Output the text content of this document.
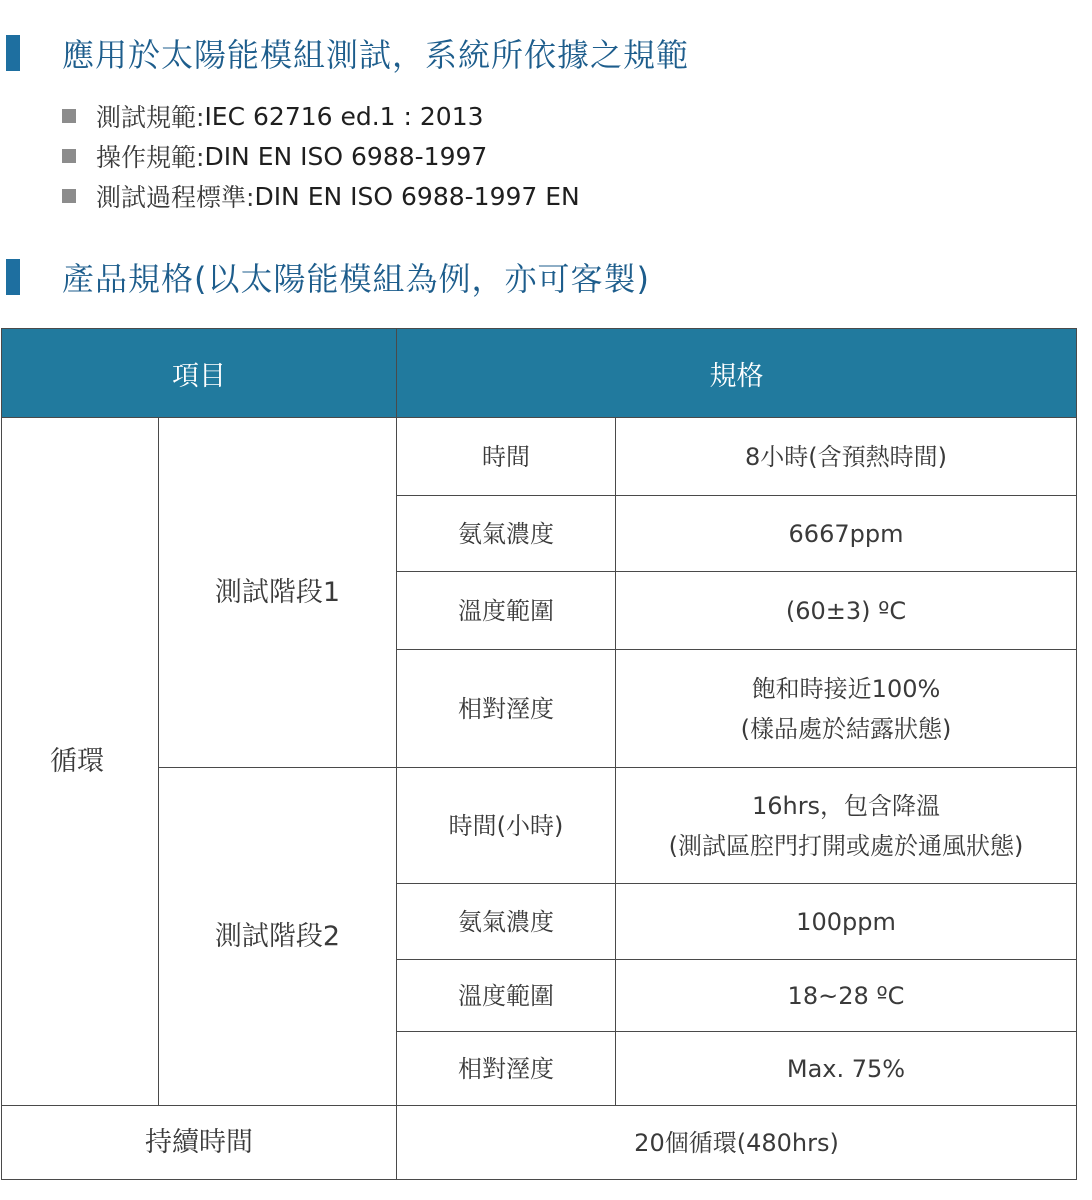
應用於太陽能模組測試，系統所依據之規範
測試規範: IEC 62716 ed.1 : 2013
操作規範: DIN EN ISO 6988-1997
測試過程標準: DIN EN ISO 6988-1997 EN
產品規格(以太陽能模組為例，亦可客製)
項目		規格	
循環	測試階段1	時間	8小時(含預熱時間)
		氨氣濃度	6667ppm
		溫度範圍	(60±3) ºC
		相對溼度	飽和時接近100%
(樣品處於結露狀態)

	測試階段2	時間(小時)	16hrs，包含降溫
(測試區腔門打開或處於通風狀態)

		氨氣濃度	100ppm
		溫度範圍	18~28 ºC
		相對溼度	Max. 75%
持續時間		20個循環(480hrs)	
